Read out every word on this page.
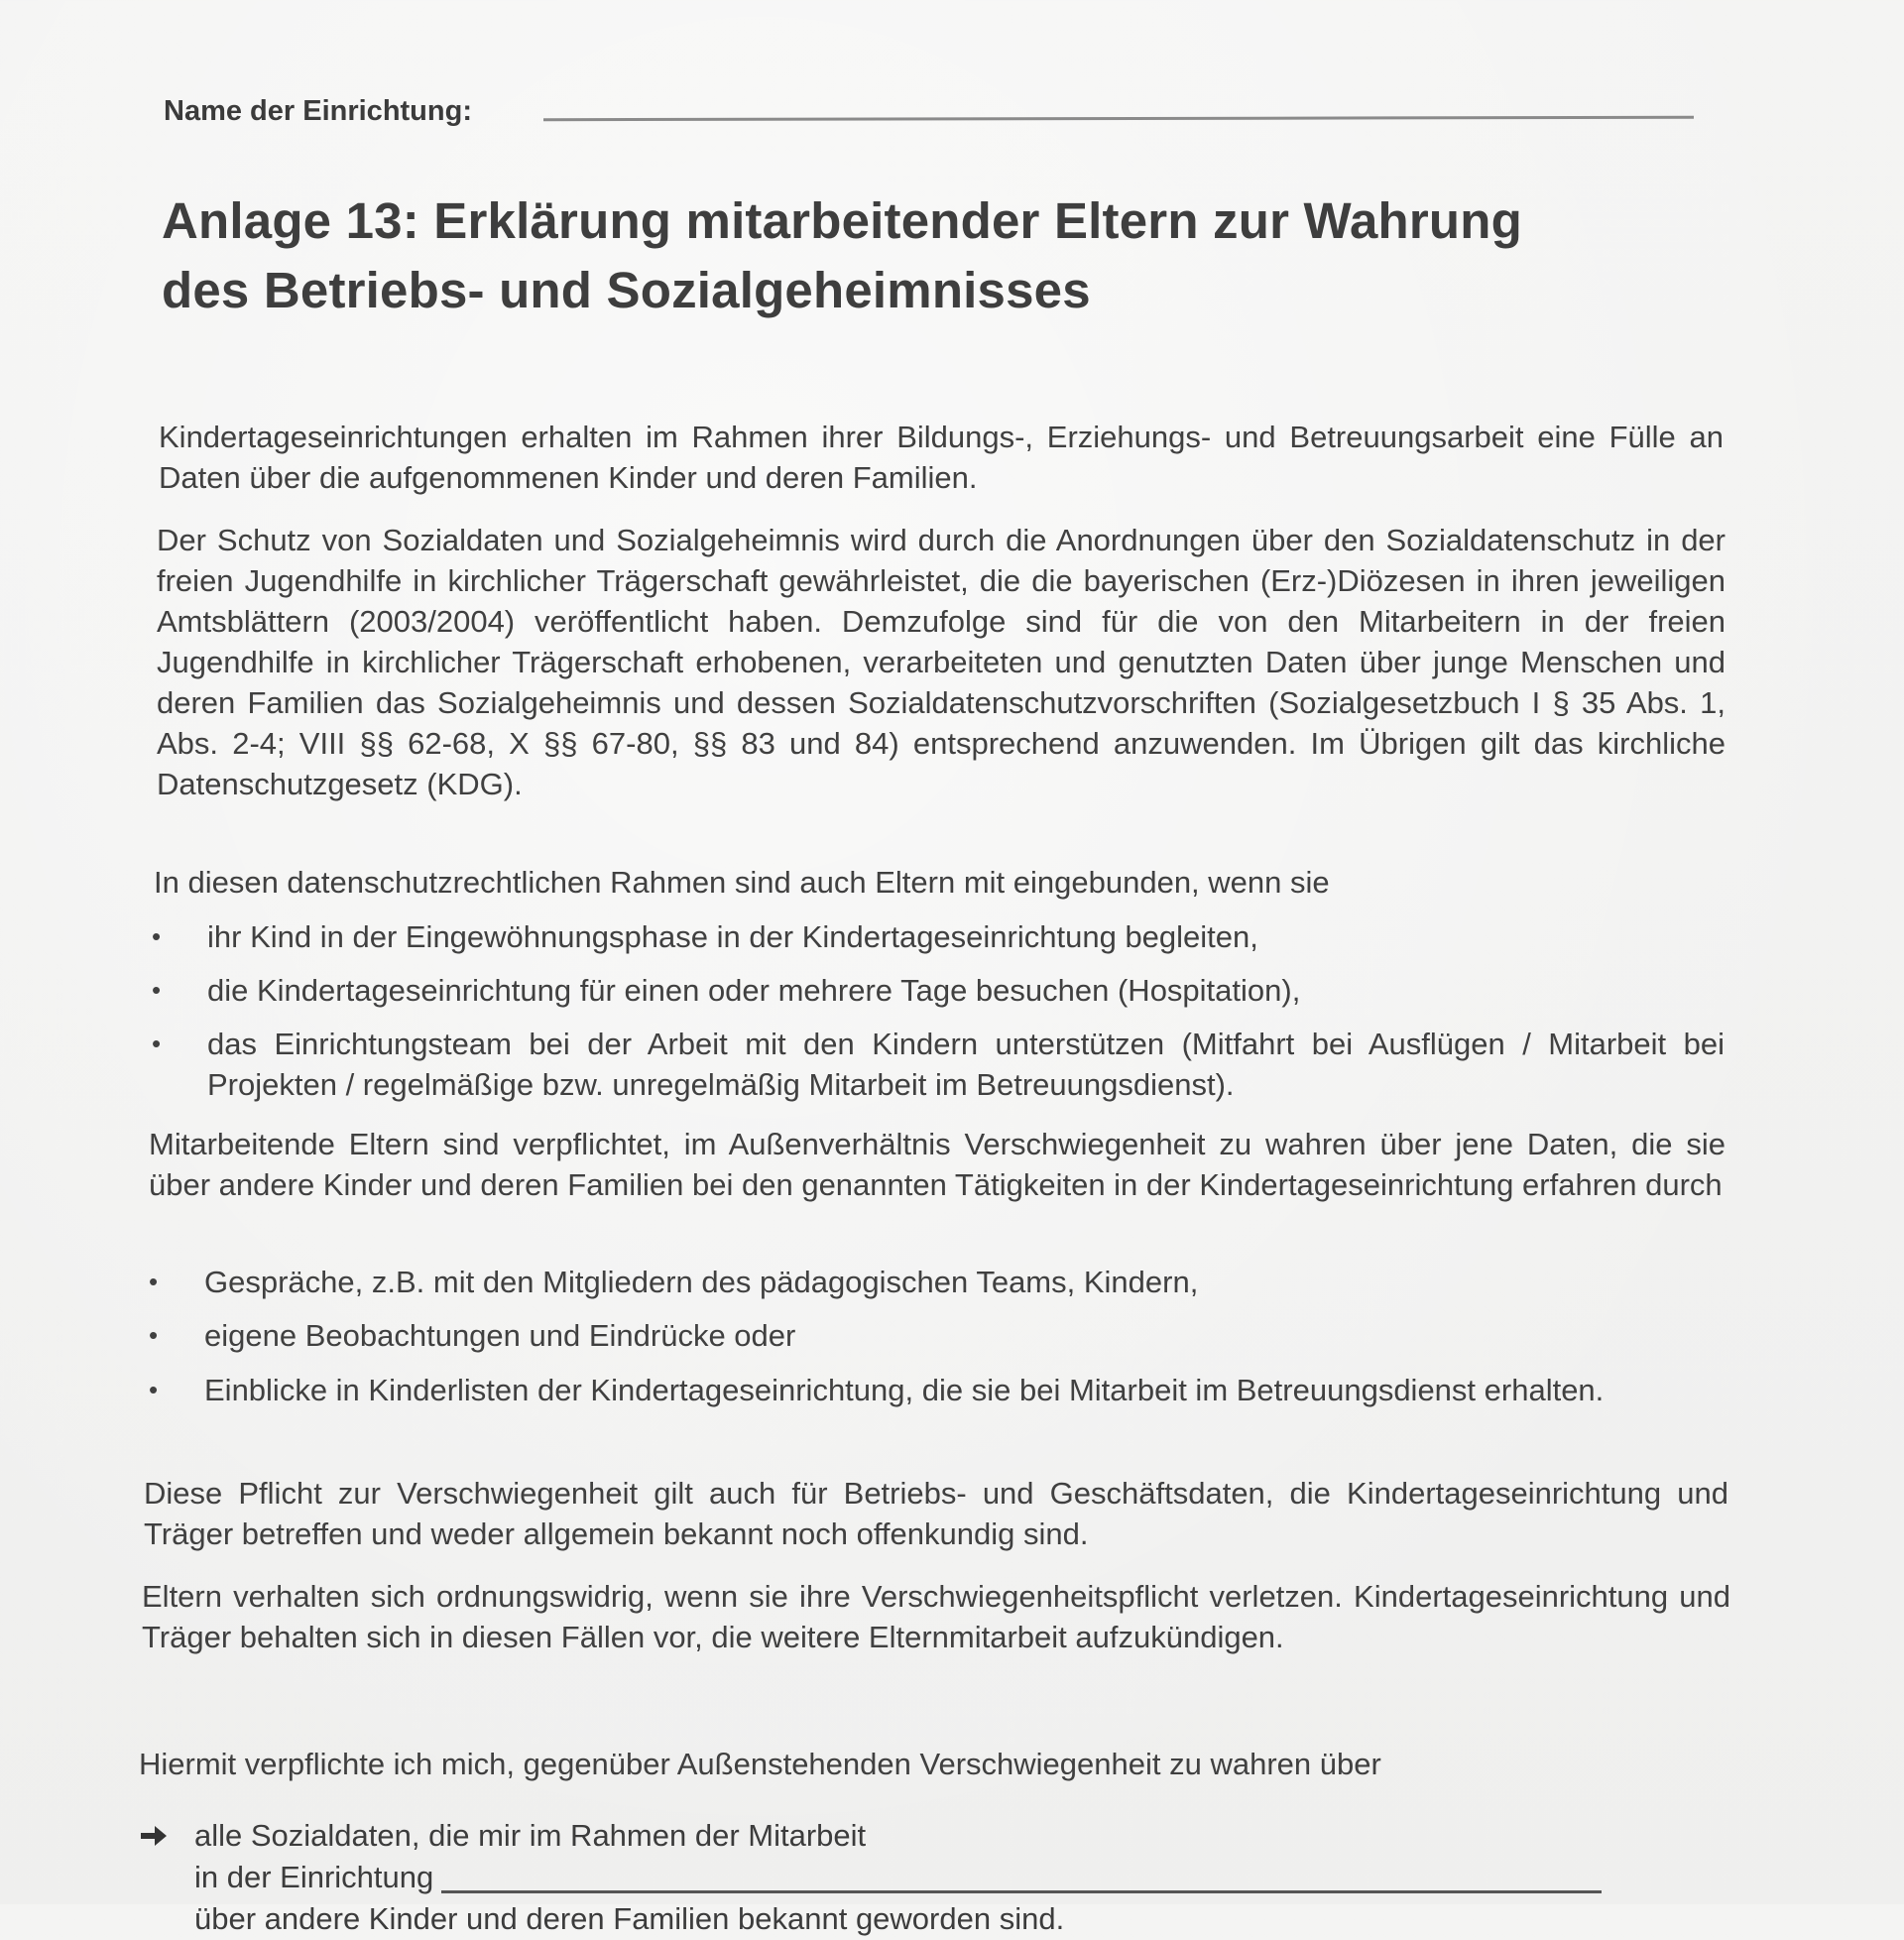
Name der Einrichtung:
Anlage 13: Erklärung mitarbeitender Eltern zur Wahrung
des Betriebs- und Sozialgeheimnisses

Kindertageseinrichtungen erhalten im Rahmen ihrer Bildungs-, Erziehungs- und Betreuungsarbeit eine Fülle an Daten über die aufgenommenen Kinder und deren Familien.

Der Schutz von Sozialdaten und Sozialgeheimnis wird durch die Anordnungen über den Sozialdatenschutz in der freien Jugendhilfe in kirchlicher Trägerschaft gewährleistet, die die bayerischen (Erz-)Diözesen in ihren jeweiligen Amtsblättern (2003/2004) veröffentlicht haben. Demzufolge sind für die von den Mitarbeitern in der freien Jugendhilfe in kirchlicher Trägerschaft erhobenen, verarbeiteten und genutzten Daten über junge Menschen und deren Familien das Sozialgeheimnis und dessen Sozialdatenschutzvorschriften (Sozialgesetzbuch I § 35 Abs. 1, Abs. 2-4; VIII §§ 62-68, X §§ 67-80, §§ 83 und 84) entsprechend anzuwenden. Im Übrigen gilt das kirchliche Datenschutzgesetz (KDG).

In diesen datenschutzrechtlichen Rahmen sind auch Eltern mit eingebunden, wenn sie

•	ihr Kind in der Eingewöhnungsphase in der Kindertageseinrichtung begleiten,
•	die Kindertageseinrichtung für einen oder mehrere Tage besuchen (Hospitation),
•	das Einrichtungsteam bei der Arbeit mit den Kindern unterstützen (Mitfahrt bei Ausflügen / Mitarbeit bei Projekten / regelmäßige bzw. unregelmäßig Mitarbeit im Betreuungsdienst).

Mitarbeitende Eltern sind verpflichtet, im Außenverhältnis Verschwiegenheit zu wahren über jene Daten, die sie über andere Kinder und deren Familien bei den genannten Tätigkeiten in der Kindertageseinrichtung erfahren durch

•	Gespräche, z.B. mit den Mitgliedern des pädagogischen Teams, Kindern,
•	eigene Beobachtungen und Eindrücke oder
•	Einblicke in Kinderlisten der Kindertageseinrichtung, die sie bei Mitarbeit im Betreuungsdienst erhalten.

Diese Pflicht zur Verschwiegenheit gilt auch für Betriebs- und Geschäftsdaten, die Kindertageseinrichtung und Träger betreffen und weder allgemein bekannt noch offenkundig sind.

Eltern verhalten sich ordnungswidrig, wenn sie ihre Verschwiegenheitspflicht verletzen. Kindertageseinrichtung und Träger behalten sich in diesen Fällen vor, die weitere Elternmitarbeit aufzukündigen.

Hiermit verpflichte ich mich, gegenüber Außenstehenden Verschwiegenheit zu wahren über

alle Sozialdaten, die mir im Rahmen der Mitarbeit
in der Einrichtung
über andere Kinder und deren Familien bekannt geworden sind.
